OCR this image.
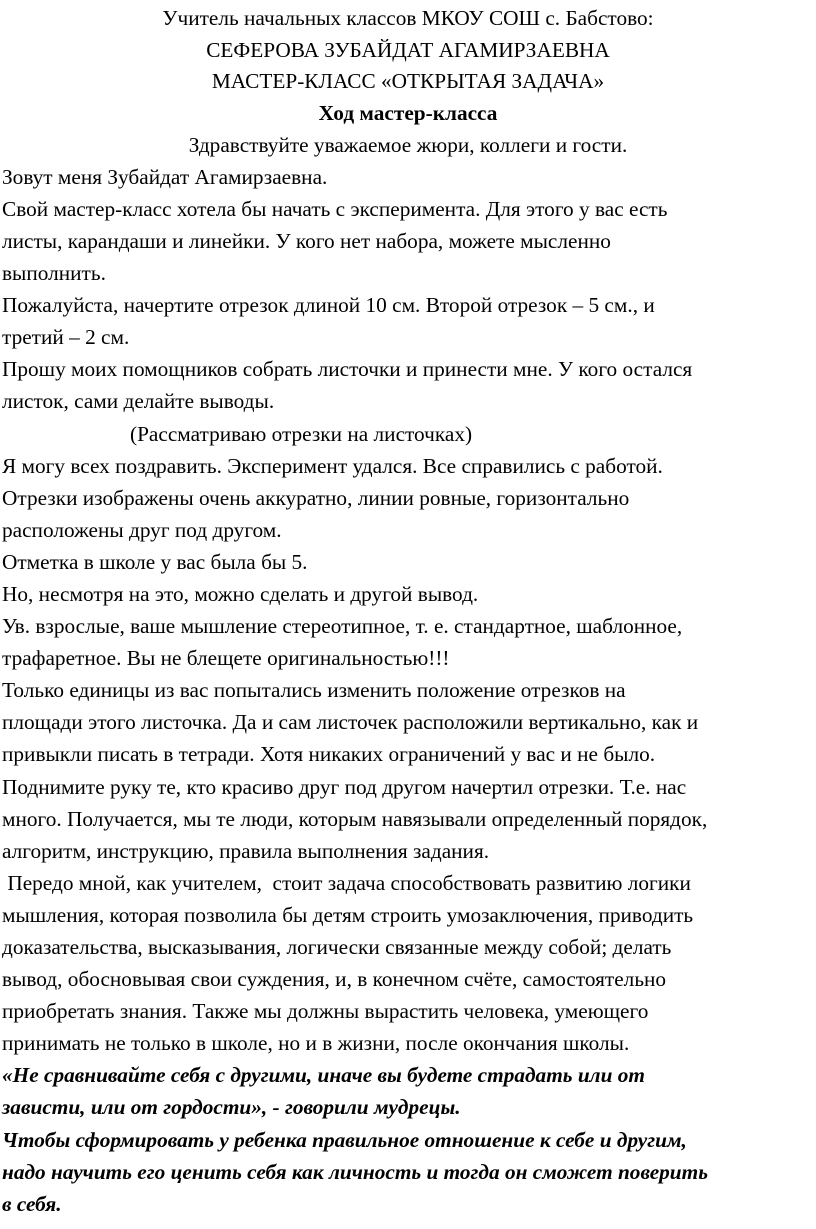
Учитель начальных классов МКОУ СОШ с. Бабстово:
СЕФЕРОВА ЗУБАЙДАТ АГАМИРЗАЕВНА
МАСТЕР-КЛАСС «ОТКРЫТАЯ ЗАДАЧА»
Ход мастер-класса
Здравствуйте уважаемое жюри, коллеги и гости.
Зовут меня Зубайдат Агамирзаевна.
Свой мастер-класс хотела бы начать с эксперимента. Для этого у вас есть
листы, карандаши и линейки. У кого нет набора, можете мысленно
выполнить.
Пожалуйста, начертите отрезок длиной 10 см. Второй отрезок – 5 см., и
третий – 2 см.
Прошу моих помощников собрать листочки и принести мне. У кого остался
листок, сами делайте выводы.
(Рассматриваю отрезки на листочках)
Я могу всех поздравить. Эксперимент удался. Все справились с работой.
Отрезки изображены очень аккуратно, линии ровные, горизонтально
расположены друг под другом.
Отметка в школе у вас была бы 5.
Но, несмотря на это, можно сделать и другой вывод.
Ув. взрослые, ваше мышление стереотипное, т. е. стандартное, шаблонное,
трафаретное. Вы не блещете оригинальностью!!!
Только единицы из вас попытались изменить положение отрезков на
площади этого листочка. Да и сам листочек расположили вертикально, как и
привыкли писать в тетради. Хотя никаких ограничений у вас и не было.
Поднимите руку те, кто красиво друг под другом начертил отрезки. Т.е. нас
много. Получается, мы те люди, которым навязывали определенный порядок,
алгоритм, инструкцию, правила выполнения задания.
Передо мной, как учителем,  стоит задача способствовать развитию логики
мышления, которая позволила бы детям строить умозаключения, приводить
доказательства, высказывания, логически связанные между собой; делать
вывод, обосновывая свои суждения, и, в конечном счёте, самостоятельно
приобретать знания. Также мы должны вырастить человека, умеющего
принимать не только в школе, но и в жизни, после окончания школы.
«Не сравнивайте себя с другими, иначе вы будете страдать или от
зависти, или от гордости», - говорили мудрецы.
Чтобы сформировать у ребенка правильное отношение к себе и другим,
надо научить его ценить себя как личность и тогда он сможет поверить
в себя.
